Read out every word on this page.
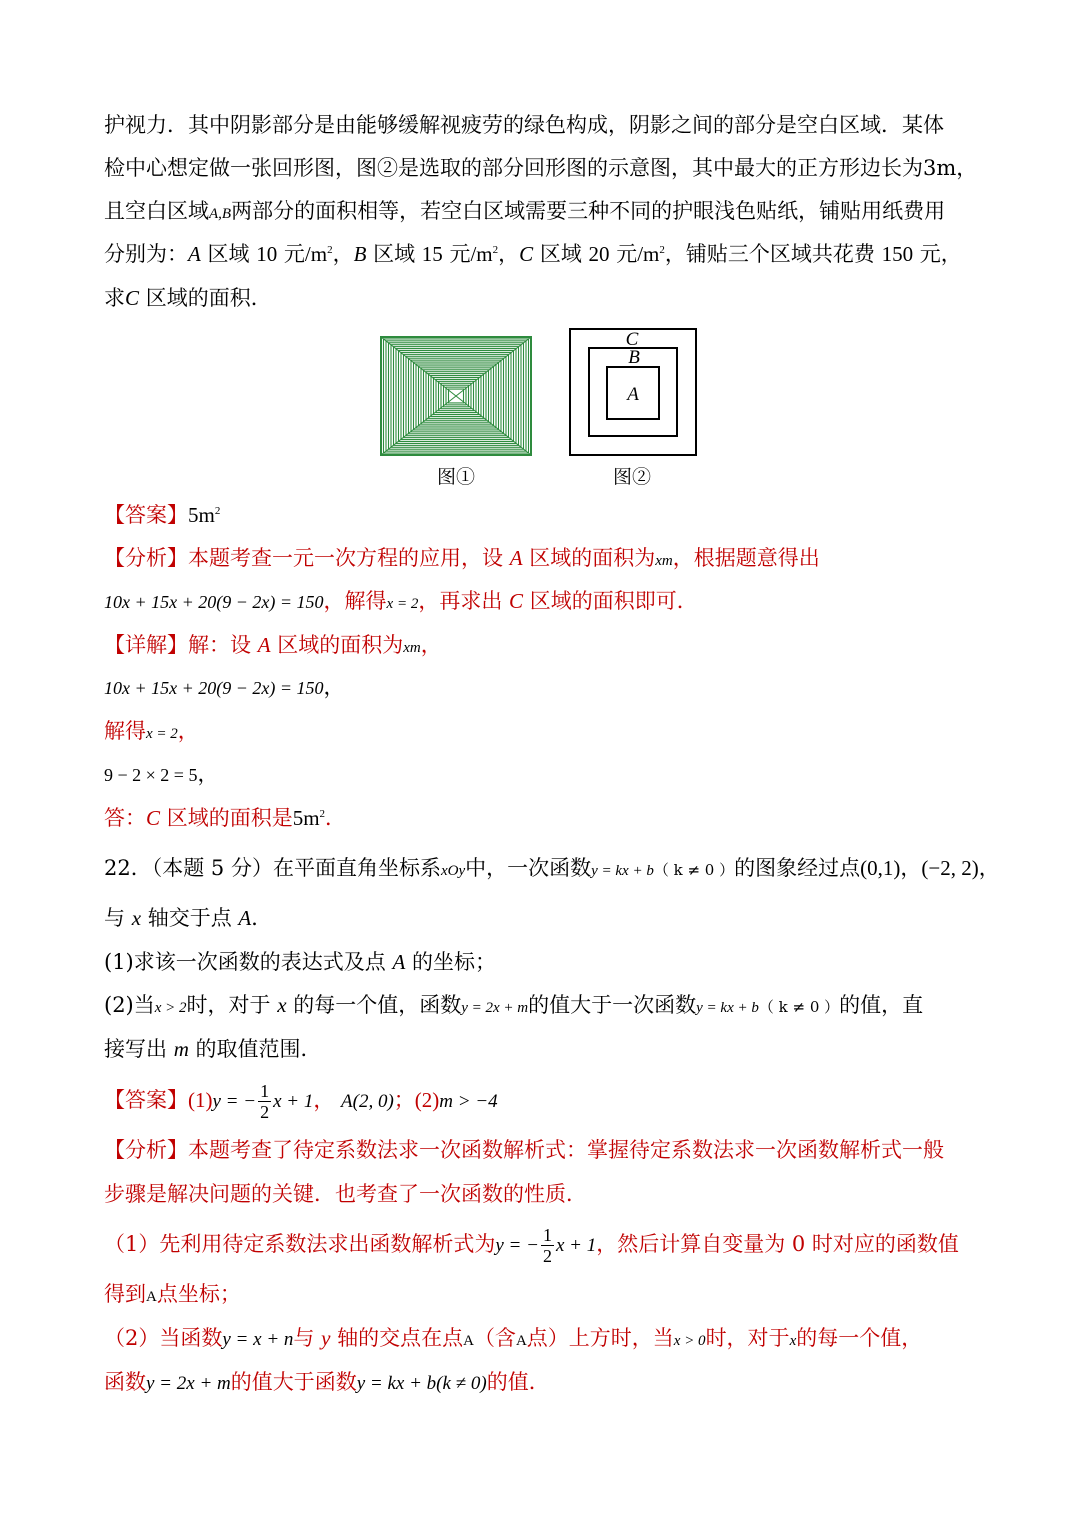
护视力．其中阴影部分是由能够缓解视疲劳的绿色构成，阴影之间的部分是空白区域．某体
检中心想定做一张回形图，图②是选取的部分回形图的示意图，其中最大的正方形边长为3m，
且空白区域A,B两部分的面积相等，若空白区域需要三种不同的护眼浅色贴纸，铺贴用纸费用
分别为：A 区域 10 元$/m^2$，B 区域 15 元$/m^2$，C 区域 20 元$/m^2$，铺贴三个区域共花费 150 元，
求C 区域的面积．
图①
C
B
A
图②
【答案】$5m^2$
【分析】本题考查一元一次方程的应用，设 A 区域的面积为xm，根据题意得出
10x + 15x + 20(9 − 2x) = 150，解得x = 2，再求出 C 区域的面积即可．
【详解】解：设 A 区域的面积为xm，
10x + 15x + 20(9 − 2x) = 150，
解得x = 2，
9 − 2 × 2 = 5，
答：C 区域的面积是$5m^2$．
22．（本题 5 分）在平面直角坐标系xOy中，一次函数y = kx + b（ k ≠ 0 ）的图象经过点(0,1)，(−2, 2)，
与 x 轴交于点 A．
(1)求该一次函数的表达式及点 A 的坐标；
(2)当x > 2时，对于 x 的每一个值，函数y = 2x + m的值大于一次函数y = kx + b（ k ≠ 0 ）的值，直
接写出 m 的取值范围．
【答案】(1)y = − $\frac{1}{2}$ x + 1， A(2, 0)；(2)m > −4
【分析】本题考查了待定系数法求一次函数解析式：掌握待定系数法求一次函数解析式一般
步骤是解决问题的关键．也考查了一次函数的性质．
（1）先利用待定系数法求出函数解析式为y = − $\frac{1}{2}$ x + 1，然后计算自变量为 0 时对应的函数值
得到A点坐标；
（2）当函数y = x + n与 y 轴的交点在点A（含A点）上方时，当x > 0时，对于x的每一个值，
函数y = 2x + m的值大于函数y = kx + b(k ≠ 0)的值．
